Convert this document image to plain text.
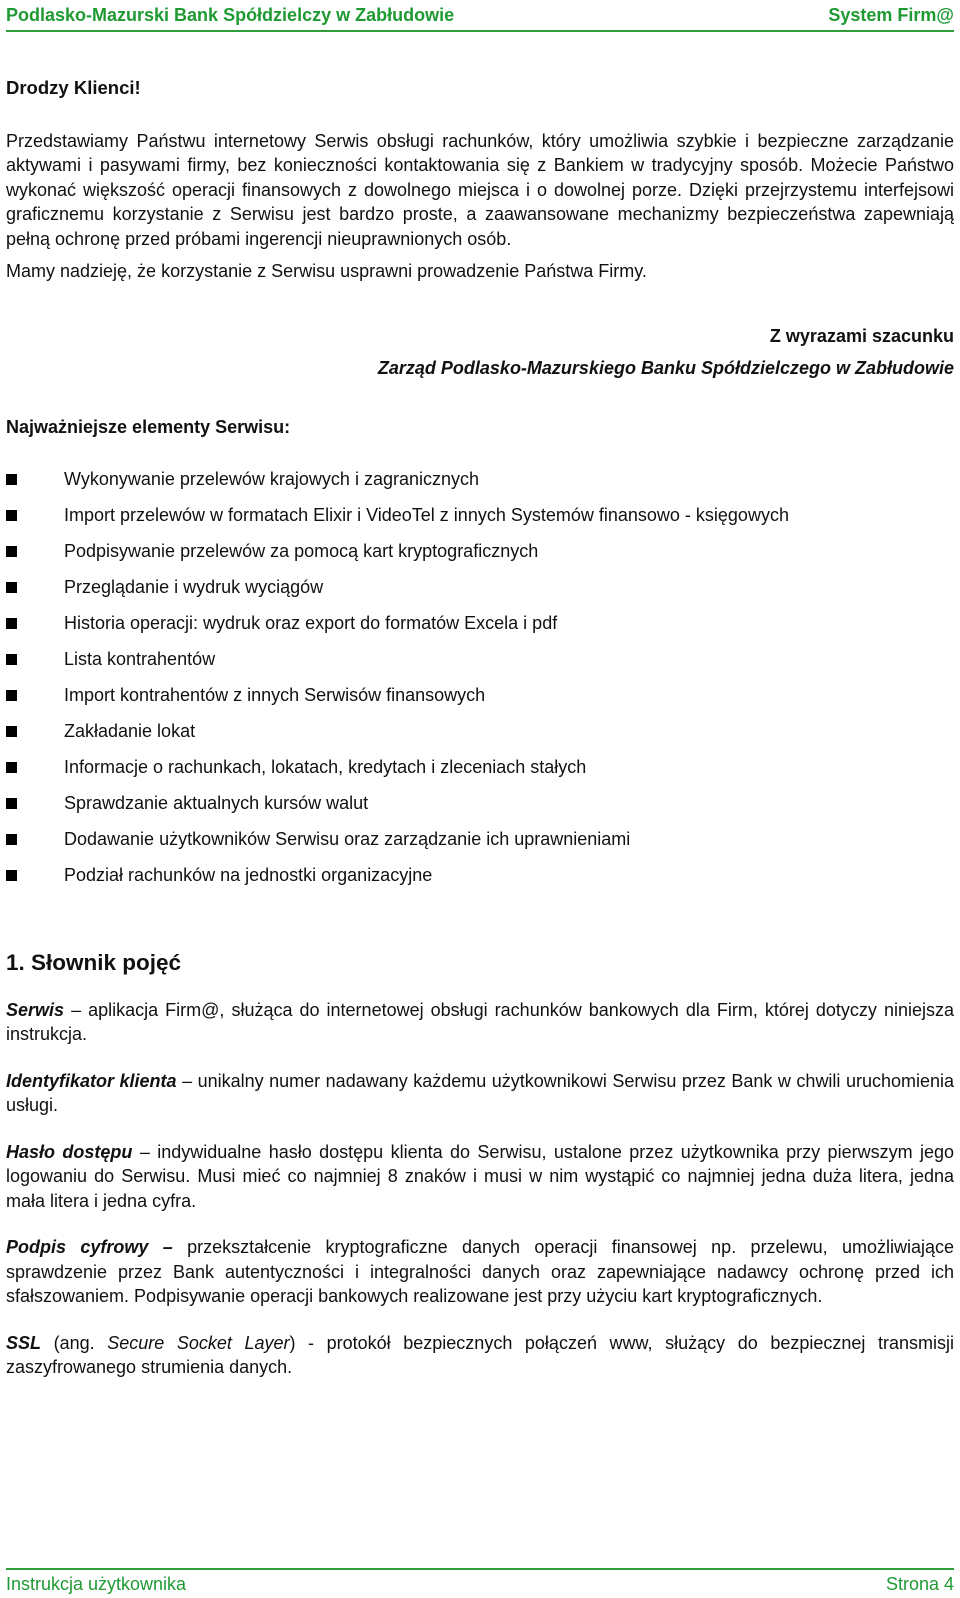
Podlasko-Mazurski Bank Spółdzielczy w Zabłudowie	System Firm@

Drodzy Klienci!

Przedstawiamy Państwu internetowy Serwis obsługi rachunków, który umożliwia szybkie i bezpieczne zarządzanie aktywami i pasywami firmy, bez konieczności kontaktowania się z Bankiem w tradycyjny sposób. Możecie Państwo wykonać większość operacji finansowych z dowolnego miejsca i o dowolnej porze. Dzięki przejrzystemu interfejsowi graficznemu korzystanie z Serwisu jest bardzo proste, a zaawansowane mechanizmy bezpieczeństwa zapewniają pełną ochronę przed próbami ingerencji nieuprawnionych osób.

Mamy nadzieję, że korzystanie z Serwisu usprawni prowadzenie Państwa Firmy.

Z wyrazami szacunku
Zarząd Podlasko-Mazurskiego Banku Spółdzielczego w Zabłudowie
Najważniejsze elementy Serwisu:
Wykonywanie przelewów krajowych i zagranicznych
Import przelewów w formatach Elixir i VideoTel z innych Systemów finansowo - księgowych
Podpisywanie przelewów za pomocą kart kryptograficznych
Przeglądanie i wydruk wyciągów
Historia operacji: wydruk oraz export do formatów Excela i pdf
Lista kontrahentów
Import kontrahentów z innych Serwisów finansowych
Zakładanie lokat
Informacje o rachunkach, lokatach, kredytach i zleceniach stałych
Sprawdzanie aktualnych kursów walut
Dodawanie użytkowników Serwisu oraz zarządzanie ich uprawnieniami
Podział rachunków na jednostki organizacyjne
1. Słownik pojęć

Serwis – aplikacja Firm@, służąca do internetowej obsługi rachunków bankowych dla Firm, której dotyczy niniejsza instrukcja.

Identyfikator klienta – unikalny numer nadawany każdemu użytkownikowi Serwisu przez Bank w chwili uruchomienia usługi.

Hasło dostępu – indywidualne hasło dostępu klienta do Serwisu, ustalone przez użytkownika przy pierwszym jego logowaniu do Serwisu. Musi mieć co najmniej 8 znaków i musi w nim wystąpić co najmniej jedna duża litera, jedna mała litera i jedna cyfra.

Podpis cyfrowy – przekształcenie kryptograficzne danych operacji finansowej np. przelewu, umożliwiające sprawdzenie przez Bank autentyczności i integralności danych oraz zapewniające nadawcy ochronę przed ich sfałszowaniem. Podpisywanie operacji bankowych realizowane jest przy użyciu kart kryptograficznych.

SSL (ang. Secure Socket Layer) - protokół bezpiecznych połączeń www, służący do bezpiecznej transmisji zaszyfrowanego strumienia danych.

Instrukcja użytkownika	Strona 4
